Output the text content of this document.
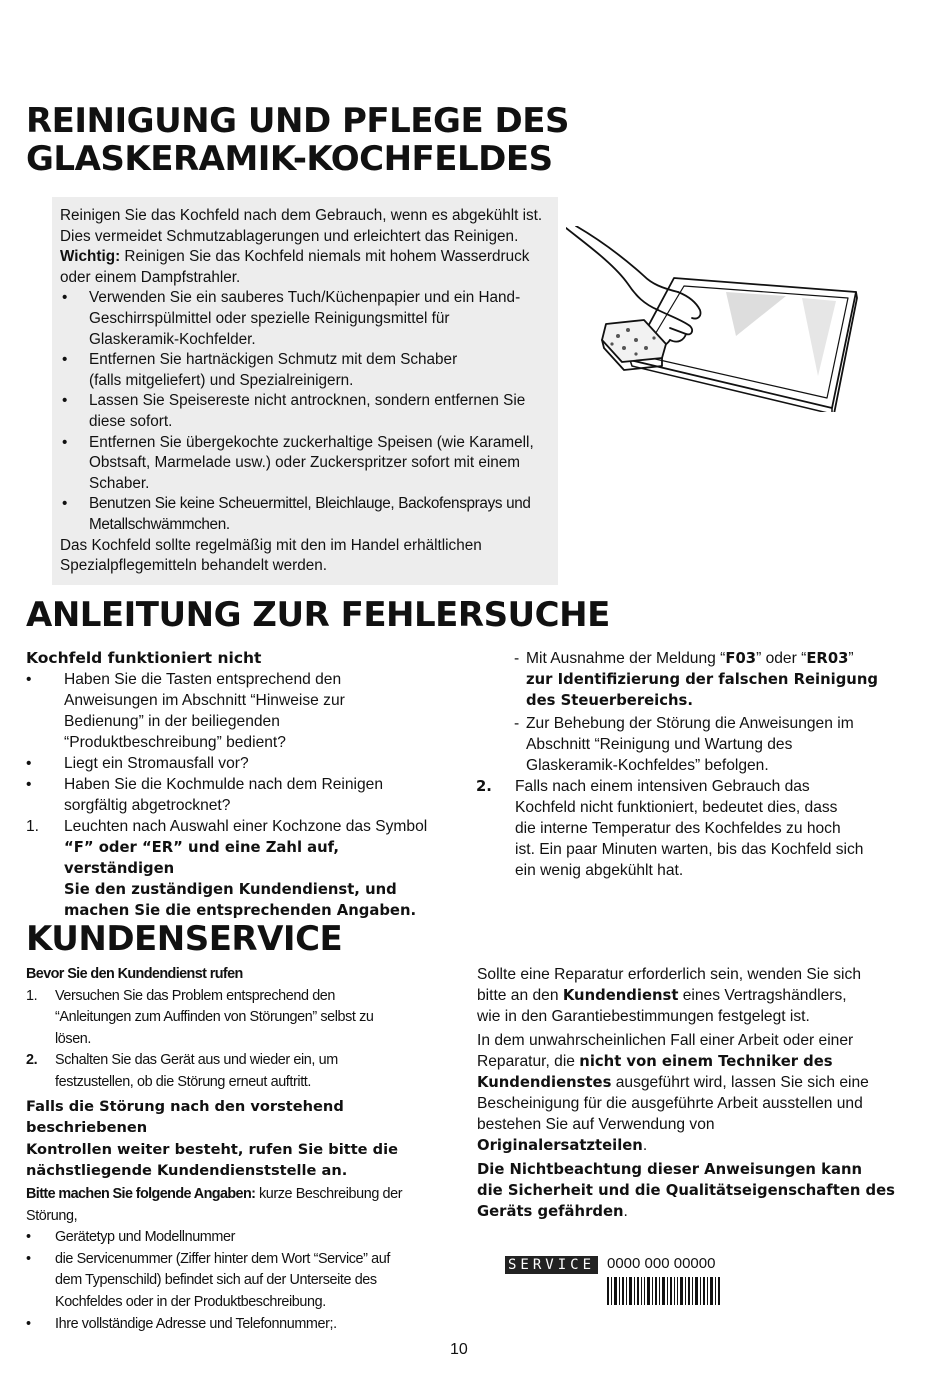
REINIGUNG UND PFLEGE DES
GLASKERAMIK-KOCHFELDES

Reinigen Sie das Kochfeld nach dem Gebrauch, wenn es abgekühlt ist.

Dies vermeidet Schmutzablagerungen und erleichtert das Reinigen.

Wichtig: Reinigen Sie das Kochfeld niemals mit hohem Wasserdruck

oder einem Dampfstrahler.

• Verwenden Sie ein sauberes Tuch/Küchenpapier und ein Hand-
Geschirrspülmittel oder spezielle Reinigungsmittel für
Glaskeramik-Kochfelder.
• Entfernen Sie hartnäckigen Schmutz mit dem Schaber
(falls mitgeliefert) und Spezialreinigern.
• Lassen Sie Speisereste nicht antrocknen, sondern entfernen Sie
diese sofort.
• Entfernen Sie übergekochte zuckerhaltige Speisen (wie Karamell,
Obstsaft, Marmelade usw.) oder Zuckerspritzer sofort mit einem
Schaber.
• Benutzen Sie keine Scheuermittel, Bleichlauge, Backofensprays und
Metallschwämmchen.

Das Kochfeld sollte regelmäßig mit den im Handel erhältlichen

Spezialpflegemitteln behandelt werden.

ANLEITUNG ZUR FEHLERSUCHE
Kochfeld funktioniert nicht
• Haben Sie die Tasten entsprechend den
Anweisungen im Abschnitt “Hinweise zur
Bedienung” in der beiliegenden
“Produktbeschreibung” bedient?
• Liegt ein Stromausfall vor?
• Haben Sie die Kochmulde nach dem Reinigen
sorgfältig abgetrocknet?
1. Leuchten nach Auswahl einer Kochzone das Symbol
“F” oder “ER” und eine Zahl auf, verständigen
Sie den zuständigen Kundendienst, und
machen Sie die entsprechenden Angaben.
- Mit Ausnahme der Meldung “F03” oder “ER03”
zur Identifizierung der falschen Reinigung
des Steuerbereichs.
- Zur Behebung der Störung die Anweisungen im
Abschnitt “Reinigung und Wartung des
Glaskeramik-Kochfeldes” befolgen.
2. Falls nach einem intensiven Gebrauch das
Kochfeld nicht funktioniert, bedeutet dies, dass
die interne Temperatur des Kochfeldes zu hoch
ist. Ein paar Minuten warten, bis das Kochfeld sich
ein wenig abgekühlt hat.
KUNDENSERVICE
Bevor Sie den Kundendienst rufen
1. Versuchen Sie das Problem entsprechend den
“Anleitungen zum Auffinden von Störungen” selbst zu
lösen.
2. Schalten Sie das Gerät aus und wieder ein, um
festzustellen, ob die Störung erneut auftritt.
Falls die Störung nach den vorstehend beschriebenen
Kontrollen weiter besteht, rufen Sie bitte die
nächstliegende Kundendienststelle an.
Bitte machen Sie folgende Angaben: kurze Beschreibung der
Störung,
• Gerätetyp und Modellnummer
• die Servicenummer (Ziffer hinter dem Wort “Service” auf
dem Typenschild) befindet sich auf der Unterseite des
Kochfeldes oder in der Produktbeschreibung.
• Ihre vollständige Adresse und Telefonnummer;.

Sollte eine Reparatur erforderlich sein, wenden Sie sich
bitte an den Kundendienst eines Vertragshändlers,
wie in den Garantiebestimmungen festgelegt ist.

In dem unwahrscheinlichen Fall einer Arbeit oder einer
Reparatur, die nicht von einem Techniker des
Kundendienstes ausgeführt wird, lassen Sie sich eine
Bescheinigung für die ausgeführte Arbeit ausstellen und
bestehen Sie auf Verwendung von
Originalersatzteilen.

Die Nichtbeachtung dieser Anweisungen kann
die Sicherheit und die Qualitätseigenschaften des
Geräts gefährden.

SERVICE 0000 000 00000
10
